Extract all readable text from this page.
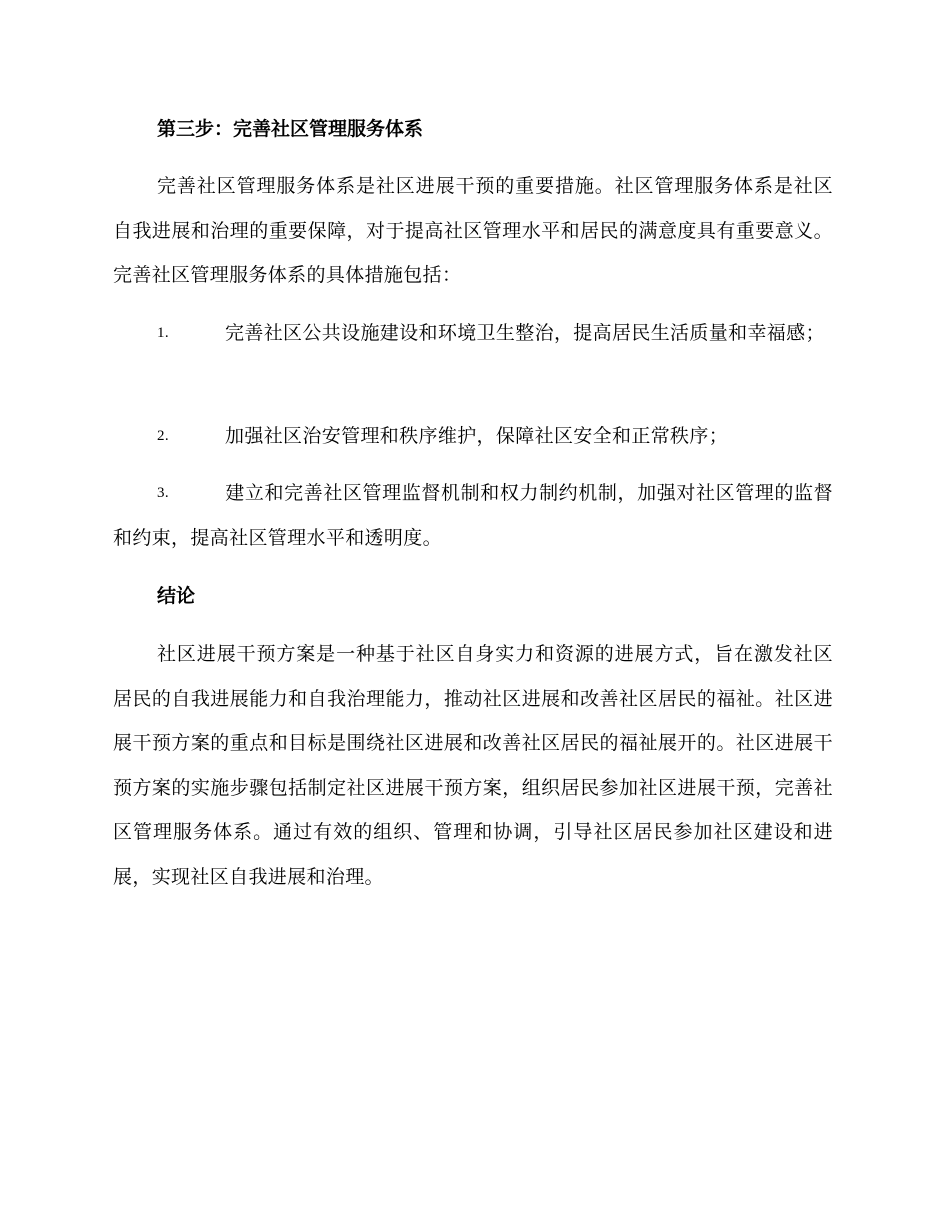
第三步：完善社区管理服务体系

完善社区管理服务体系是社区进展干预的重要措施。社区管理服务体系是社区自我进展和治理的重要保障，对于提高社区管理水平和居民的满意度具有重要意义。完善社区管理服务体系的具体措施包括：

1.	完善社区公共设施建设和环境卫生整治，提高居民生活质量和幸福感；
2.	加强社区治安管理和秩序维护，保障社区安全和正常秩序；
3.	建立和完善社区管理监督机制和权力制约机制，加强对社区管理的监督和约束，提高社区管理水平和透明度。
结论

社区进展干预方案是一种基于社区自身实力和资源的进展方式，旨在激发社区居民的自我进展能力和自我治理能力，推动社区进展和改善社区居民的福祉。社区进展干预方案的重点和目标是围绕社区进展和改善社区居民的福祉展开的。社区进展干预方案的实施步骤包括制定社区进展干预方案，组织居民参加社区进展干预，完善社区管理服务体系。通过有效的组织、管理和协调，引导社区居民参加社区建设和进展，实现社区自我进展和治理。
